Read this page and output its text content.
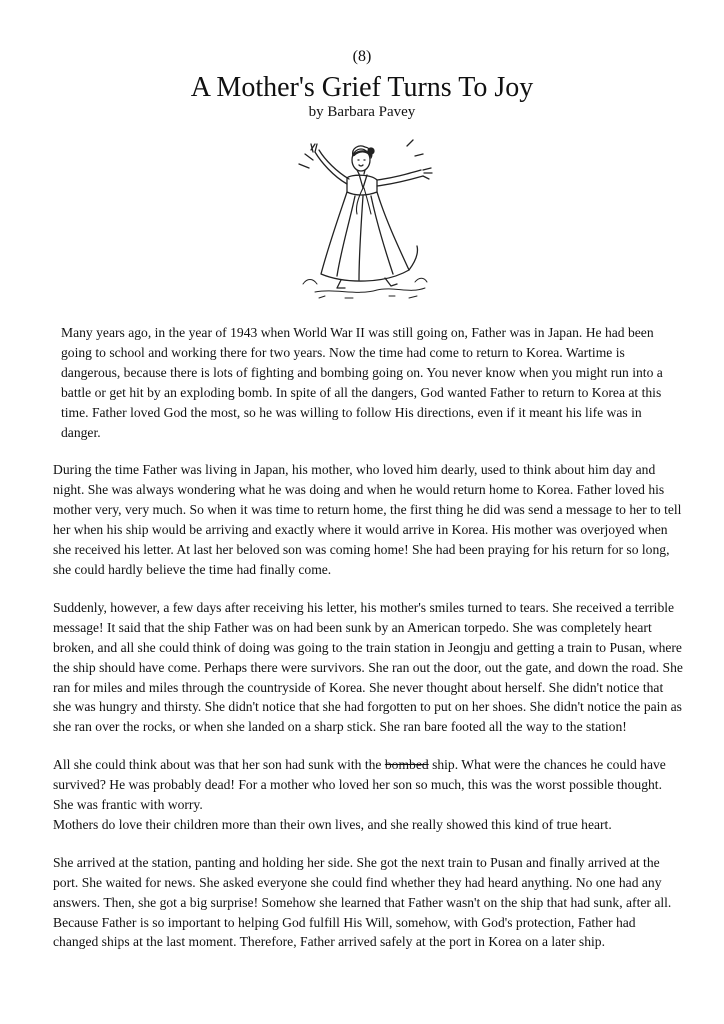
(8)
A Mother's Grief Turns To Joy
by Barbara Pavey

Many years ago, in the year of 1943 when World War II was still going on, Father was in Japan. He had been going to school and working there for two years. Now the time had come to return to Korea. Wartime is dangerous, because there is lots of fighting and bombing going on. You never know when you might run into a battle or get hit by an exploding bomb. In spite of all the dangers, God wanted Father to return to Korea at this time. Father loved God the most, so he was willing to follow His directions, even if it meant his life was in danger.

During the time Father was living in Japan, his mother, who loved him dearly, used to think about him day and night. She was always wondering what he was doing and when he would return home to Korea. Father loved his mother very, very much. So when it was time to return home, the first thing he did was send a message to her to tell her when his ship would be arriving and exactly where it would arrive in Korea. His mother was overjoyed when she received his letter. At last her beloved son was coming home! She had been praying for his return for so long, she could hardly believe the time had finally come.

Suddenly, however, a few days after receiving his letter, his mother's smiles turned to tears. She received a terrible message! It said that the ship Father was on had been sunk by an American torpedo. She was completely heart broken, and all she could think of doing was going to the train station in Jeongju and getting a train to Pusan, where the ship should have come. Perhaps there were survivors. She ran out the door, out the gate, and down the road. She ran for miles and miles through the countryside of Korea. She never thought about herself. She didn't notice that she was hungry and thirsty. She didn't notice that she had forgotten to put on her shoes. She didn't notice the pain as she ran over the rocks, or when she landed on a sharp stick. She ran bare footed all the way to the station!

All she could think about was that her son had sunk with the bombed ship. What were the chances he could have survived? He was probably dead! For a mother who loved her son so much, this was the worst possible thought. She was frantic with worry.

Mothers do love their children more than their own lives, and she really showed this kind of true heart.

She arrived at the station, panting and holding her side. She got the next train to Pusan and finally arrived at the port. She waited for news. She asked everyone she could find whether they had heard anything. No one had any answers. Then, she got a big surprise! Somehow she learned that Father wasn't on the ship that had sunk, after all. Because Father is so important to helping God fulfill His Will, somehow, with God's protection, Father had changed ships at the last moment. Therefore, Father arrived safely at the port in Korea on a later ship.
